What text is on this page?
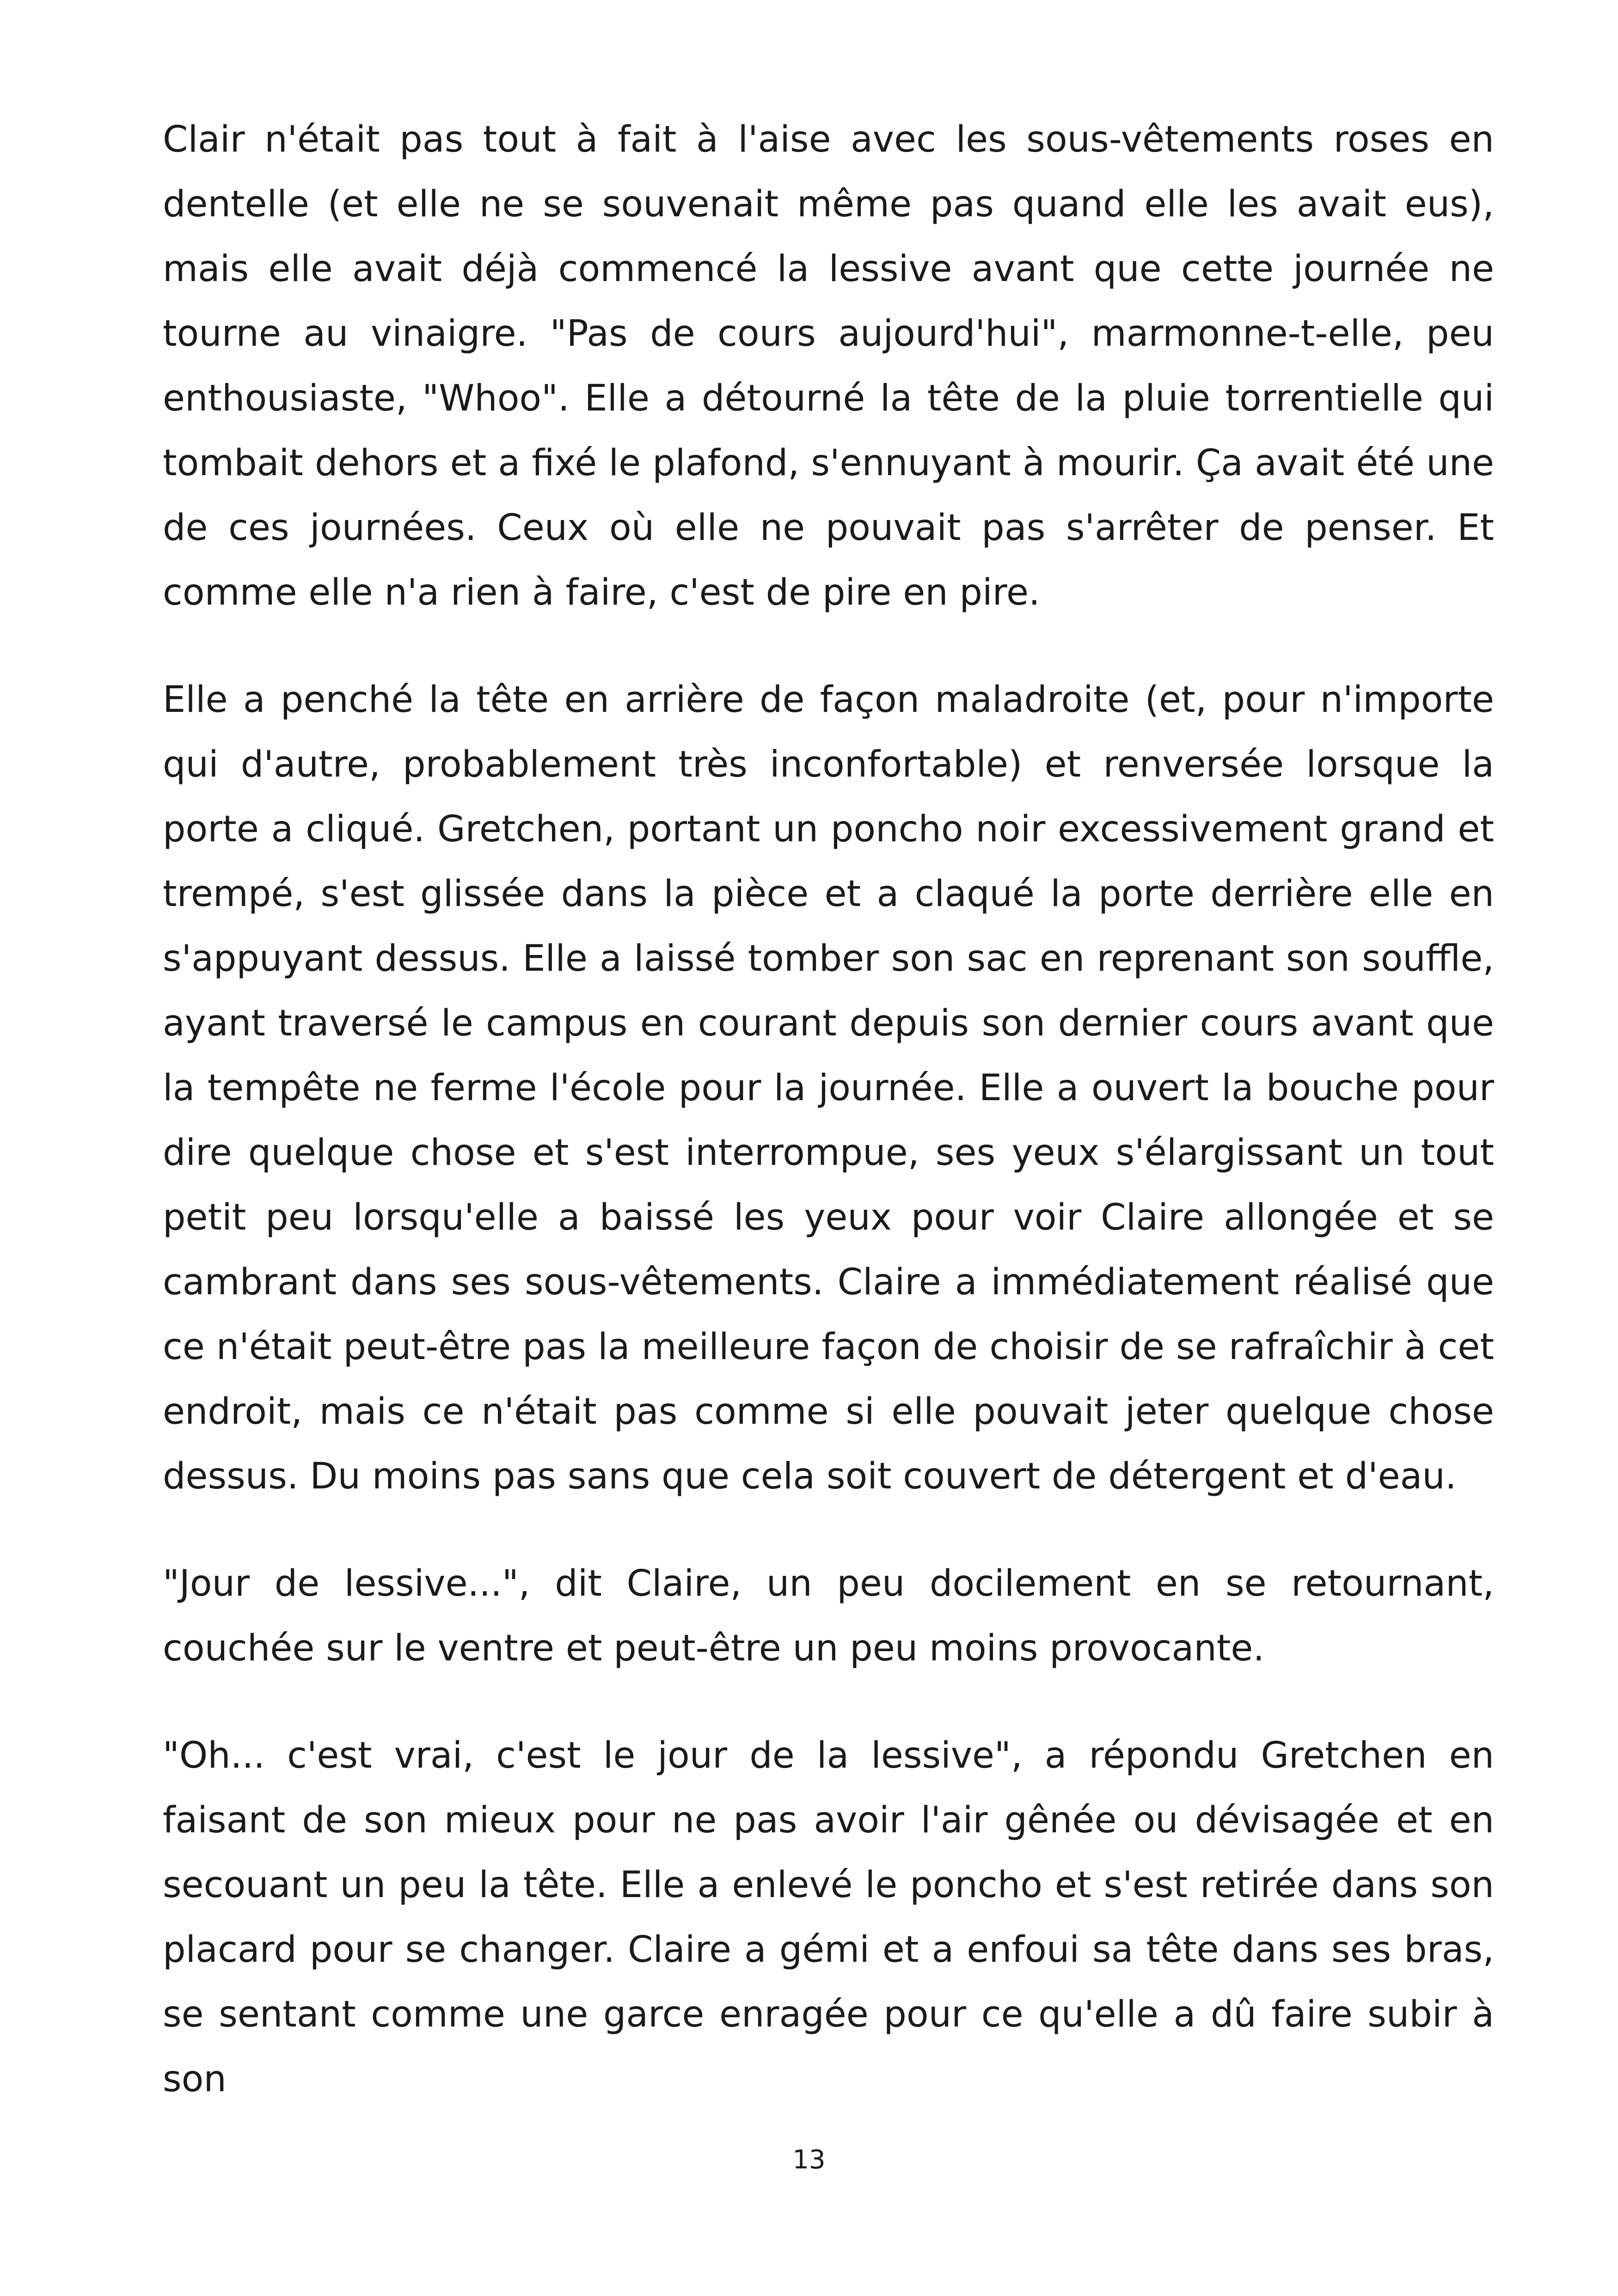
Clair n'était pas tout à fait à l'aise avec les sous-vêtements roses en dentelle (et elle ne se souvenait même pas quand elle les avait eus), mais elle avait déjà commencé la lessive avant que cette journée ne tourne au vinaigre. "Pas de cours aujourd'hui", marmonne-t-elle, peu enthousiaste, "Whoo". Elle a détourné la tête de la pluie torrentielle qui tombait dehors et a fixé le plafond, s'ennuyant à mourir. Ça avait été une de ces journées. Ceux où elle ne pouvait pas s'arrêter de penser. Et comme elle n'a rien à faire, c'est de pire en pire.

Elle a penché la tête en arrière de façon maladroite (et, pour n'importe qui d'autre, probablement très inconfortable) et renversée lorsque la porte a cliqué. Gretchen, portant un poncho noir excessivement grand et trempé, s'est glissée dans la pièce et a claqué la porte derrière elle en s'appuyant dessus. Elle a laissé tomber son sac en reprenant son souffle, ayant traversé le campus en courant depuis son dernier cours avant que la tempête ne ferme l'école pour la journée. Elle a ouvert la bouche pour dire quelque chose et s'est interrompue, ses yeux s'élargissant un tout petit peu lorsqu'elle a baissé les yeux pour voir Claire allongée et se cambrant dans ses sous-vêtements. Claire a immédiatement réalisé que ce n'était peut-être pas la meilleure façon de choisir de se rafraîchir à cet endroit, mais ce n'était pas comme si elle pouvait jeter quelque chose dessus. Du moins pas sans que cela soit couvert de détergent et d'eau.

"Jour de lessive...", dit Claire, un peu docilement en se retournant, couchée sur le ventre et peut-être un peu moins provocante.

"Oh... c'est vrai, c'est le jour de la lessive", a répondu Gretchen en faisant de son mieux pour ne pas avoir l'air gênée ou dévisagée et en secouant un peu la tête. Elle a enlevé le poncho et s'est retirée dans son placard pour se changer. Claire a gémi et a enfoui sa tête dans ses bras, se sentant comme une garce enragée pour ce qu'elle a dû faire subir à son

13
